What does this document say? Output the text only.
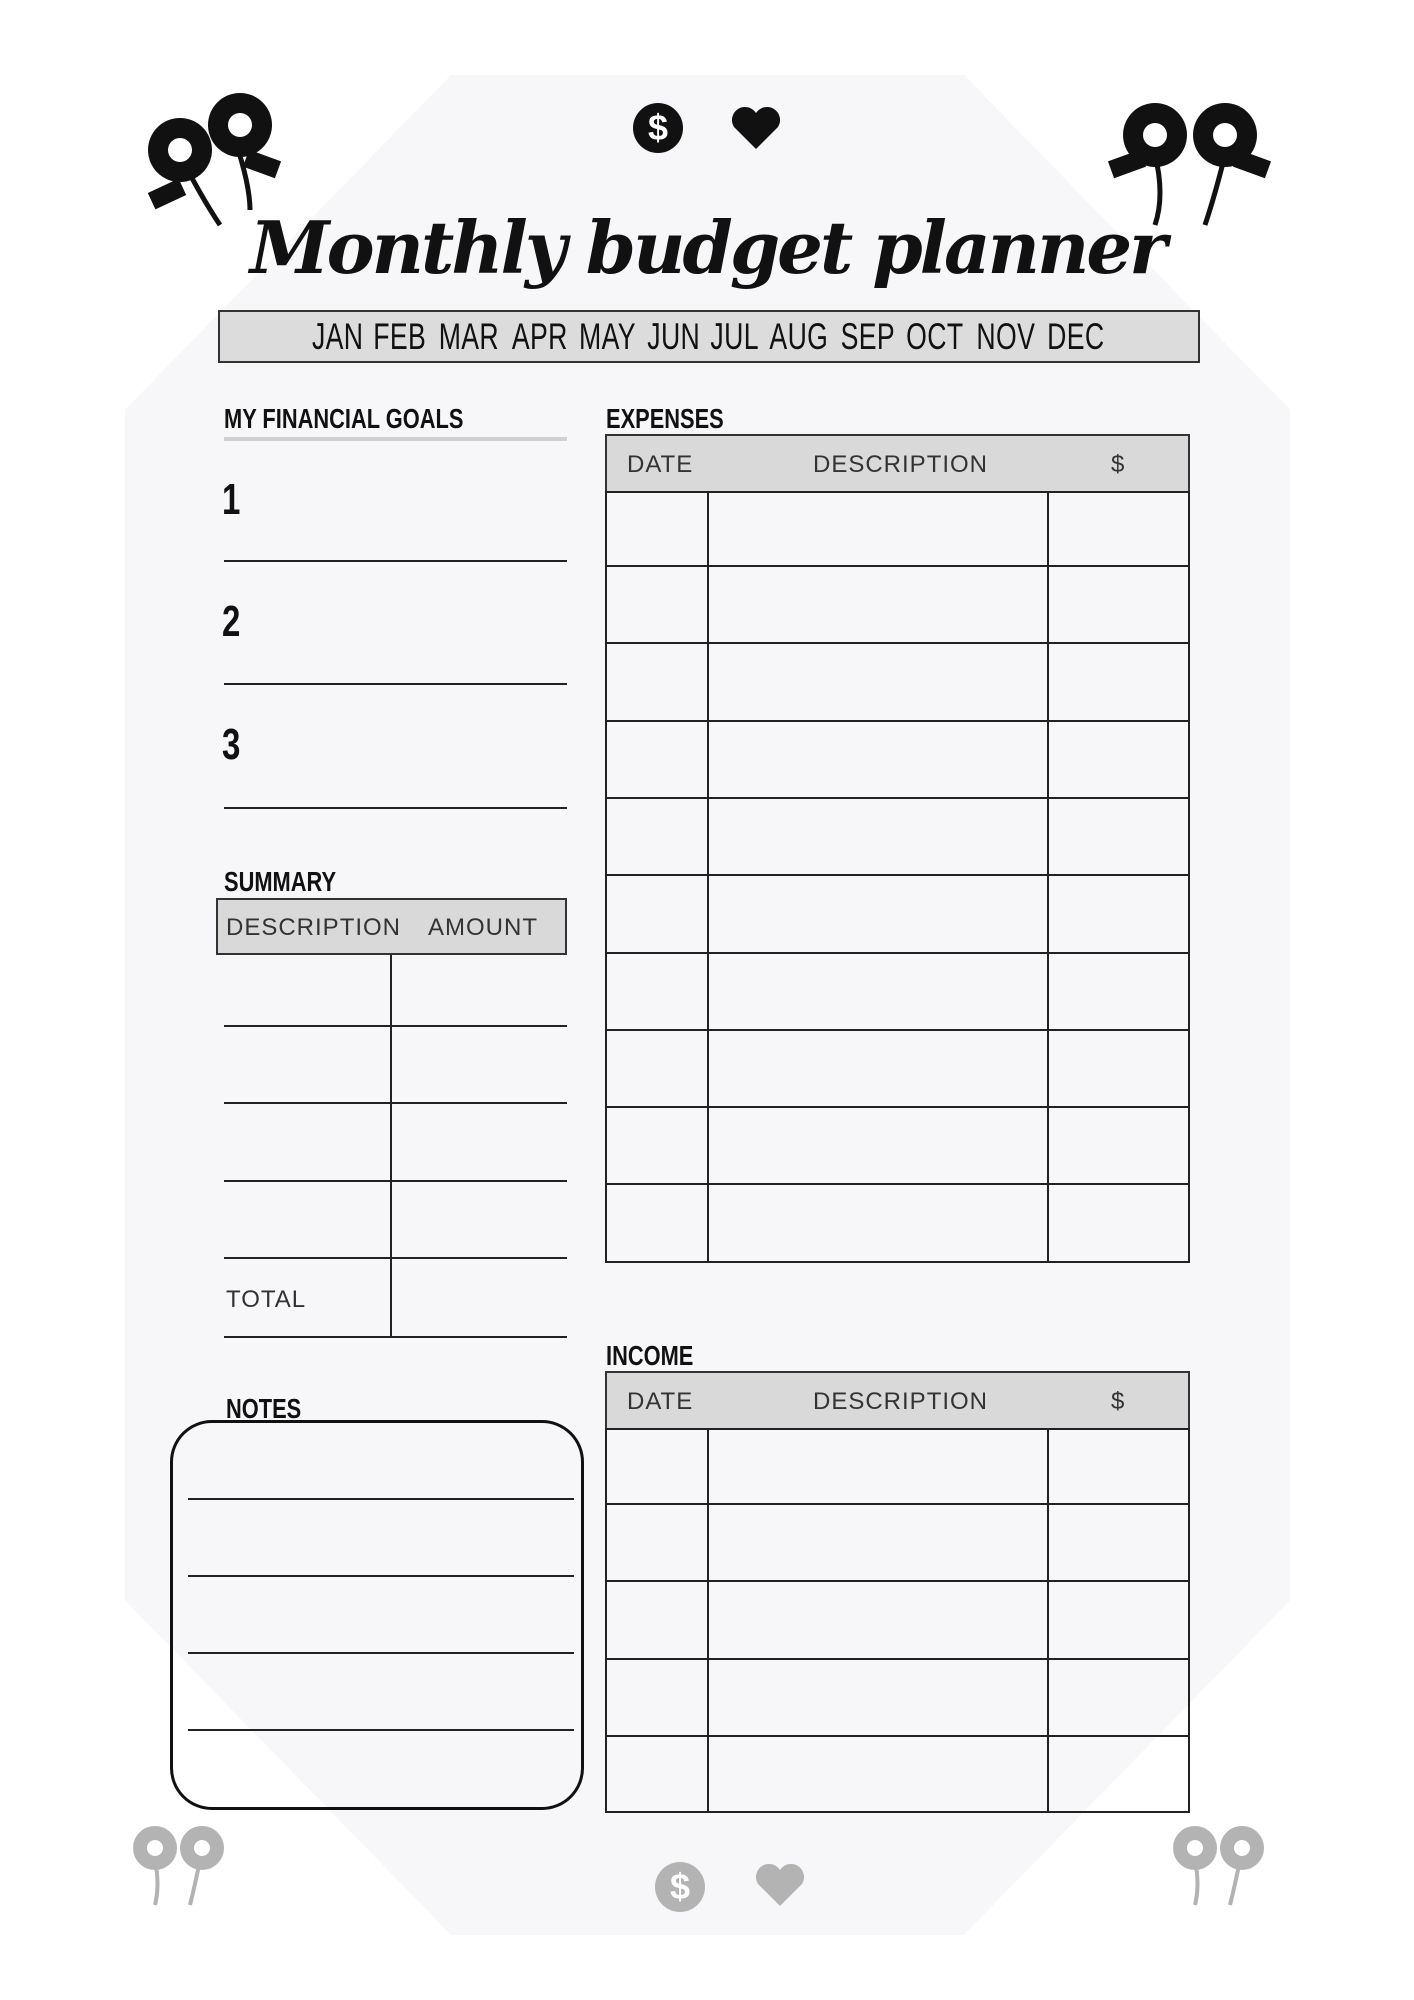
$
$
Monthly budget planner
JAN FEB MAR APR MAY JUN JUL AUG SEP OCT NOV DEC
MY FINANCIAL GOALS
1
2
3
SUMMARY
DESCRIPTION AMOUNT
TOTAL
NOTES
EXPENSES
DATE	DESCRIPTION	$
INCOME
DATE	DESCRIPTION	$
